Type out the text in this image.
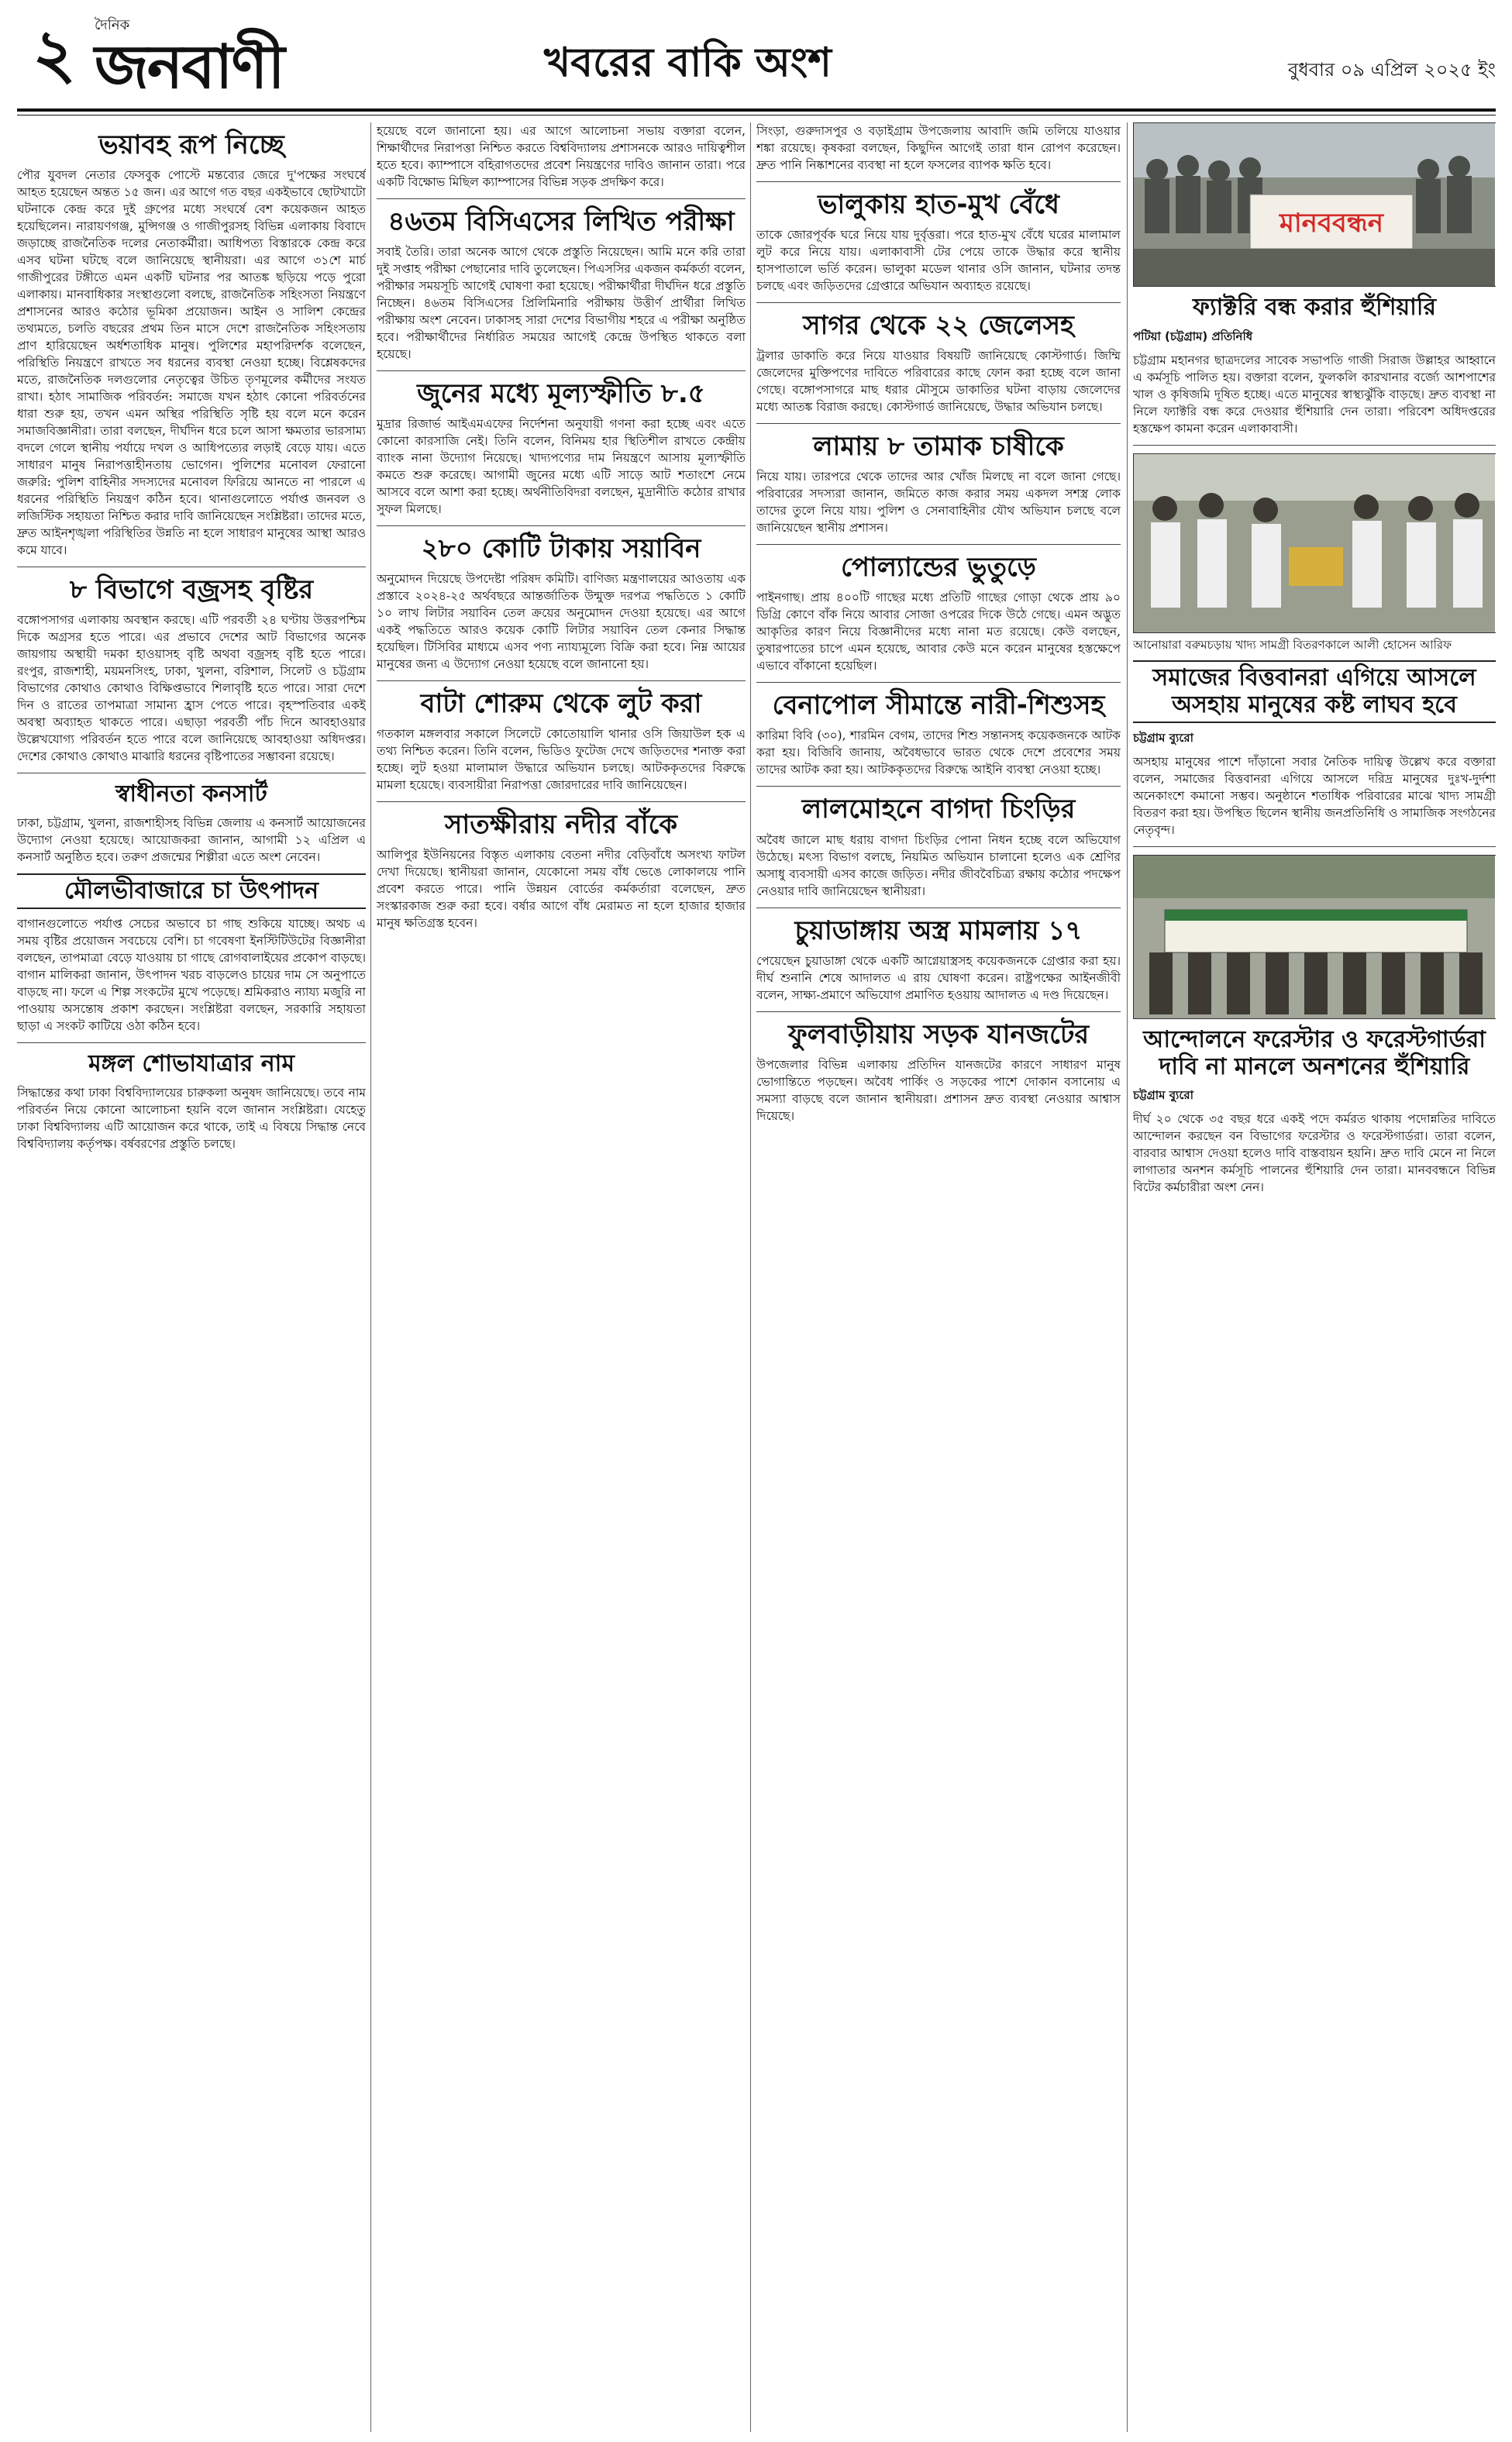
২	দৈনিক
জনবাণী	খবরের বাকি অংশ	বুধবার ০৯ এপ্রিল ২০২৫ ইং
ভয়াবহ রূপ নিচ্ছে

পৌর যুবদল নেতার ফেসবুক পোস্টে মন্তব্যের জেরে দু'পক্ষের সংঘর্ষে আহত হয়েছেন অন্তত ১৫ জন। এর আগে গত বছর একইভাবে ছোটখাটো ঘটনাকে কেন্দ্র করে দুই গ্রুপের মধ্যে সংঘর্ষে বেশ কয়েকজন আহত হয়েছিলেন। নারায়ণগঞ্জ, মুন্সিগঞ্জ ও গাজীপুরসহ বিভিন্ন এলাকায় বিবাদে জড়াচ্ছে রাজনৈতিক দলের নেতাকর্মীরা। আধিপত্য বিস্তারকে কেন্দ্র করে এসব ঘটনা ঘটছে বলে জানিয়েছে স্থানীয়রা। এর আগে ৩১শে মার্চ গাজীপুরের টঙ্গীতে এমন একটি ঘটনার পর আতঙ্ক ছড়িয়ে পড়ে পুরো এলাকায়। মানবাধিকার সংস্থাগুলো বলছে, রাজনৈতিক সহিংসতা নিয়ন্ত্রণে প্রশাসনের আরও কঠোর ভূমিকা প্রয়োজন। আইন ও সালিশ কেন্দ্রের তথ্যমতে, চলতি বছরের প্রথম তিন মাসে দেশে রাজনৈতিক সহিংসতায় প্রাণ হারিয়েছেন অর্ধশতাধিক মানুষ। পুলিশের মহাপরিদর্শক বলেছেন, পরিস্থিতি নিয়ন্ত্রণে রাখতে সব ধরনের ব্যবস্থা নেওয়া হচ্ছে। বিশ্লেষকদের মতে, রাজনৈতিক দলগুলোর নেতৃত্বের উচিত তৃণমূলের কর্মীদের সংযত রাখা। হঠাৎ সামাজিক পরিবর্তন: সমাজে যখন হঠাৎ কোনো পরিবর্তনের ধারা শুরু হয়, তখন এমন অস্থির পরিস্থিতি সৃষ্টি হয় বলে মনে করেন সমাজবিজ্ঞানীরা। তারা বলছেন, দীর্ঘদিন ধরে চলে আসা ক্ষমতার ভারসাম্য বদলে গেলে স্থানীয় পর্যায়ে দখল ও আধিপত্যের লড়াই বেড়ে যায়। এতে সাধারণ মানুষ নিরাপত্তাহীনতায় ভোগেন। পুলিশের মনোবল ফেরানো জরুরি: পুলিশ বাহিনীর সদস্যদের মনোবল ফিরিয়ে আনতে না পারলে এ ধরনের পরিস্থিতি নিয়ন্ত্রণ কঠিন হবে। থানাগুলোতে পর্যাপ্ত জনবল ও লজিস্টিক সহায়তা নিশ্চিত করার দাবি জানিয়েছেন সংশ্লিষ্টরা। তাদের মতে, দ্রুত আইনশৃঙ্খলা পরিস্থিতির উন্নতি না হলে সাধারণ মানুষের আস্থা আরও কমে যাবে।

৮ বিভাগে বজ্রসহ বৃষ্টির

বঙ্গোপসাগর এলাকায় অবস্থান করছে। এটি পরবর্তী ২৪ ঘণ্টায় উত্তরপশ্চিম দিকে অগ্রসর হতে পারে। এর প্রভাবে দেশের আট বিভাগের অনেক জায়গায় অস্থায়ী দমকা হাওয়াসহ বৃষ্টি অথবা বজ্রসহ বৃষ্টি হতে পারে। রংপুর, রাজশাহী, ময়মনসিংহ, ঢাকা, খুলনা, বরিশাল, সিলেট ও চট্টগ্রাম বিভাগের কোথাও কোথাও বিক্ষিপ্তভাবে শিলাবৃষ্টি হতে পারে। সারা দেশে দিন ও রাতের তাপমাত্রা সামান্য হ্রাস পেতে পারে। বৃহস্পতিবার একই অবস্থা অব্যাহত থাকতে পারে। এছাড়া পরবর্তী পাঁচ দিনে আবহাওয়ার উল্লেখযোগ্য পরিবর্তন হতে পারে বলে জানিয়েছে আবহাওয়া অধিদপ্তর। দেশের কোথাও কোথাও মাঝারি ধরনের বৃষ্টিপাতের সম্ভাবনা রয়েছে।

স্বাধীনতা কনসার্ট

ঢাকা, চট্টগ্রাম, খুলনা, রাজশাহীসহ বিভিন্ন জেলায় এ কনসার্ট আয়োজনের উদ্যোগ নেওয়া হয়েছে। আয়োজকরা জানান, আগামী ১২ এপ্রিল এ কনসার্ট অনুষ্ঠিত হবে। তরুণ প্রজন্মের শিল্পীরা এতে অংশ নেবেন।

মৌলভীবাজারে চা উৎপাদন

বাগানগুলোতে পর্যাপ্ত সেচের অভাবে চা গাছ শুকিয়ে যাচ্ছে। অথচ এ সময় বৃষ্টির প্রয়োজন সবচেয়ে বেশি। চা গবেষণা ইনস্টিটিউটের বিজ্ঞানীরা বলছেন, তাপমাত্রা বেড়ে যাওয়ায় চা গাছে রোগবালাইয়ের প্রকোপ বাড়ছে। বাগান মালিকরা জানান, উৎপাদন খরচ বাড়লেও চায়ের দাম সে অনুপাতে বাড়ছে না। ফলে এ শিল্প সংকটের মুখে পড়েছে। শ্রমিকরাও ন্যায্য মজুরি না পাওয়ায় অসন্তোষ প্রকাশ করছেন। সংশ্লিষ্টরা বলছেন, সরকারি সহায়তা ছাড়া এ সংকট কাটিয়ে ওঠা কঠিন হবে।

মঙ্গল শোভাযাত্রার নাম

সিদ্ধান্তের কথা ঢাকা বিশ্ববিদ্যালয়ের চারুকলা অনুষদ জানিয়েছে। তবে নাম পরিবর্তন নিয়ে কোনো আলোচনা হয়নি বলে জানান সংশ্লিষ্টরা। যেহেতু ঢাকা বিশ্ববিদ্যালয় এটি আয়োজন করে থাকে, তাই এ বিষয়ে সিদ্ধান্ত নেবে বিশ্ববিদ্যালয় কর্তৃপক্ষ। বর্ষবরণের প্রস্তুতি চলছে।

হয়েছে বলে জানানো হয়। এর আগে আলোচনা সভায় বক্তারা বলেন, শিক্ষার্থীদের নিরাপত্তা নিশ্চিত করতে বিশ্ববিদ্যালয় প্রশাসনকে আরও দায়িত্বশীল হতে হবে। ক্যাম্পাসে বহিরাগতদের প্রবেশ নিয়ন্ত্রণের দাবিও জানান তারা। পরে একটি বিক্ষোভ মিছিল ক্যাম্পাসের বিভিন্ন সড়ক প্রদক্ষিণ করে।

৪৬তম বিসিএসের লিখিত পরীক্ষা

সবাই তৈরি। তারা অনেক আগে থেকে প্রস্তুতি নিয়েছেন। আমি মনে করি তারা দুই সপ্তাহ পরীক্ষা পেছানোর দাবি তুলেছেন। পিএসসির একজন কর্মকর্তা বলেন, পরীক্ষার সময়সূচি আগেই ঘোষণা করা হয়েছে। পরীক্ষার্থীরা দীর্ঘদিন ধরে প্রস্তুতি নিচ্ছেন। ৪৬তম বিসিএসের প্রিলিমিনারি পরীক্ষায় উত্তীর্ণ প্রার্থীরা লিখিত পরীক্ষায় অংশ নেবেন। ঢাকাসহ সারা দেশের বিভাগীয় শহরে এ পরীক্ষা অনুষ্ঠিত হবে। পরীক্ষার্থীদের নির্ধারিত সময়ের আগেই কেন্দ্রে উপস্থিত থাকতে বলা হয়েছে।

জুনের মধ্যে মূল্যস্ফীতি ৮.৫

মুদ্রার রিজার্ভ আইএমএফের নির্দেশনা অনুযায়ী গণনা করা হচ্ছে এবং এতে কোনো কারসাজি নেই। তিনি বলেন, বিনিময় হার স্থিতিশীল রাখতে কেন্দ্রীয় ব্যাংক নানা উদ্যোগ নিয়েছে। খাদ্যপণ্যের দাম নিয়ন্ত্রণে আসায় মূল্যস্ফীতি কমতে শুরু করেছে। আগামী জুনের মধ্যে এটি সাড়ে আট শতাংশে নেমে আসবে বলে আশা করা হচ্ছে। অর্থনীতিবিদরা বলছেন, মুদ্রানীতি কঠোর রাখার সুফল মিলছে।

২৮০ কোটি টাকায় সয়াবিন

অনুমোদন দিয়েছে উপদেষ্টা পরিষদ কমিটি। বাণিজ্য মন্ত্রণালয়ের আওতায় এক প্রস্তাবে ২০২৪-২৫ অর্থবছরে আন্তর্জাতিক উন্মুক্ত দরপত্র পদ্ধতিতে ১ কোটি ১০ লাখ লিটার সয়াবিন তেল ক্রয়ের অনুমোদন দেওয়া হয়েছে। এর আগে একই পদ্ধতিতে আরও কয়েক কোটি লিটার সয়াবিন তেল কেনার সিদ্ধান্ত হয়েছিল। টিসিবির মাধ্যমে এসব পণ্য ন্যায্যমূল্যে বিক্রি করা হবে। নিম্ন আয়ের মানুষের জন্য এ উদ্যোগ নেওয়া হয়েছে বলে জানানো হয়।

বাটা শোরুম থেকে লুট করা

গতকাল মঙ্গলবার সকালে সিলেটে কোতোয়ালি থানার ওসি জিয়াউল হক এ তথ্য নিশ্চিত করেন। তিনি বলেন, ভিডিও ফুটেজ দেখে জড়িতদের শনাক্ত করা হচ্ছে। লুট হওয়া মালামাল উদ্ধারে অভিযান চলছে। আটককৃতদের বিরুদ্ধে মামলা হয়েছে। ব্যবসায়ীরা নিরাপত্তা জোরদারের দাবি জানিয়েছেন।

সাতক্ষীরায় নদীর বাঁকে

আলিপুর ইউনিয়নের বিস্তৃত এলাকায় বেতনা নদীর বেড়িবাঁধে অসংখ্য ফাটল দেখা দিয়েছে। স্থানীয়রা জানান, যেকোনো সময় বাঁধ ভেঙে লোকালয়ে পানি প্রবেশ করতে পারে। পানি উন্নয়ন বোর্ডের কর্মকর্তারা বলেছেন, দ্রুত সংস্কারকাজ শুরু করা হবে। বর্ষার আগে বাঁধ মেরামত না হলে হাজার হাজার মানুষ ক্ষতিগ্রস্ত হবেন।

সিংড়া, গুরুদাসপুর ও বড়াইগ্রাম উপজেলায় আবাদি জমি তলিয়ে যাওয়ার শঙ্কা রয়েছে। কৃষকরা বলছেন, কিছুদিন আগেই তারা ধান রোপণ করেছেন। দ্রুত পানি নিষ্কাশনের ব্যবস্থা না হলে ফসলের ব্যাপক ক্ষতি হবে।

ভালুকায় হাত-মুখ বেঁধে

তাকে জোরপূর্বক ঘরে নিয়ে যায় দুর্বৃত্তরা। পরে হাত-মুখ বেঁধে ঘরের মালামাল লুট করে নিয়ে যায়। এলাকাবাসী টের পেয়ে তাকে উদ্ধার করে স্থানীয় হাসপাতালে ভর্তি করেন। ভালুকা মডেল থানার ওসি জানান, ঘটনার তদন্ত চলছে এবং জড়িতদের গ্রেপ্তারে অভিযান অব্যাহত রয়েছে।

সাগর থেকে ২২ জেলেসহ

ট্রলার ডাকাতি করে নিয়ে যাওয়ার বিষয়টি জানিয়েছে কোস্টগার্ড। জিম্মি জেলেদের মুক্তিপণের দাবিতে পরিবারের কাছে ফোন করা হচ্ছে বলে জানা গেছে। বঙ্গোপসাগরে মাছ ধরার মৌসুমে ডাকাতির ঘটনা বাড়ায় জেলেদের মধ্যে আতঙ্ক বিরাজ করছে। কোস্টগার্ড জানিয়েছে, উদ্ধার অভিযান চলছে।

লামায় ৮ তামাক চাষীকে

নিয়ে যায়। তারপরে থেকে তাদের আর খোঁজ মিলছে না বলে জানা গেছে। পরিবারের সদস্যরা জানান, জমিতে কাজ করার সময় একদল সশস্ত্র লোক তাদের তুলে নিয়ে যায়। পুলিশ ও সেনাবাহিনীর যৌথ অভিযান চলছে বলে জানিয়েছেন স্থানীয় প্রশাসন।

পোল্যান্ডের ভুতুড়ে

পাইনগাছ। প্রায় ৪০০টি গাছের মধ্যে প্রতিটি গাছের গোড়া থেকে প্রায় ৯০ ডিগ্রি কোণে বাঁক নিয়ে আবার সোজা ওপরের দিকে উঠে গেছে। এমন অদ্ভুত আকৃতির কারণ নিয়ে বিজ্ঞানীদের মধ্যে নানা মত রয়েছে। কেউ বলছেন, তুষারপাতের চাপে এমন হয়েছে, আবার কেউ মনে করেন মানুষের হস্তক্ষেপে এভাবে বাঁকানো হয়েছিল।

বেনাপোল সীমান্তে নারী-শিশুসহ

কারিমা বিবি (৩০), শারমিন বেগম, তাদের শিশু সন্তানসহ কয়েকজনকে আটক করা হয়। বিজিবি জানায়, অবৈধভাবে ভারত থেকে দেশে প্রবেশের সময় তাদের আটক করা হয়। আটককৃতদের বিরুদ্ধে আইনি ব্যবস্থা নেওয়া হচ্ছে।

লালমোহনে বাগদা চিংড়ির

অবৈধ জালে মাছ ধরায় বাগদা চিংড়ির পোনা নিধন হচ্ছে বলে অভিযোগ উঠেছে। মৎস্য বিভাগ বলছে, নিয়মিত অভিযান চালানো হলেও এক শ্রেণির অসাধু ব্যবসায়ী এসব কাজে জড়িত। নদীর জীববৈচিত্র্য রক্ষায় কঠোর পদক্ষেপ নেওয়ার দাবি জানিয়েছেন স্থানীয়রা।

চুয়াডাঙ্গায় অস্ত্র মামলায় ১৭

পেয়েছেন চুয়াডাঙ্গা থেকে একটি আগ্নেয়াস্ত্রসহ কয়েকজনকে গ্রেপ্তার করা হয়। দীর্ঘ শুনানি শেষে আদালত এ রায় ঘোষণা করেন। রাষ্ট্রপক্ষের আইনজীবী বলেন, সাক্ষ্য-প্রমাণে অভিযোগ প্রমাণিত হওয়ায় আদালত এ দণ্ড দিয়েছেন।

ফুলবাড়ীয়ায় সড়ক যানজটের

উপজেলার বিভিন্ন এলাকায় প্রতিদিন যানজটের কারণে সাধারণ মানুষ ভোগান্তিতে পড়ছেন। অবৈধ পার্কিং ও সড়কের পাশে দোকান বসানোয় এ সমস্যা বাড়ছে বলে জানান স্থানীয়রা। প্রশাসন দ্রুত ব্যবস্থা নেওয়ার আশ্বাস দিয়েছে।

মানববন্ধন
ফ্যাক্টরি বন্ধ করার হুঁশিয়ারি
পটিয়া (চট্টগ্রাম) প্রতিনিধি

চট্টগ্রাম মহানগর ছাত্রদলের সাবেক সভাপতি গাজী সিরাজ উল্লাহর আহ্বানে এ কর্মসূচি পালিত হয়। বক্তারা বলেন, ফুলকলি কারখানার বর্জ্যে আশপাশের খাল ও কৃষিজমি দূষিত হচ্ছে। এতে মানুষের স্বাস্থ্যঝুঁকি বাড়ছে। দ্রুত ব্যবস্থা না নিলে ফ্যাক্টরি বন্ধ করে দেওয়ার হুঁশিয়ারি দেন তারা। পরিবেশ অধিদপ্তরের হস্তক্ষেপ কামনা করেন এলাকাবাসী।

আনোয়ারা বরুমচড়ায় খাদ্য সামগ্রী বিতরণকালে আলী হোসেন আরিফ
সমাজের বিত্তবানরা এগিয়ে আসলে অসহায় মানুষের কষ্ট লাঘব হবে
চট্টগ্রাম ব্যুরো

অসহায় মানুষের পাশে দাঁড়ানো সবার নৈতিক দায়িত্ব উল্লেখ করে বক্তারা বলেন, সমাজের বিত্তবানরা এগিয়ে আসলে দরিদ্র মানুষের দুঃখ-দুর্দশা অনেকাংশে কমানো সম্ভব। অনুষ্ঠানে শতাধিক পরিবারের মাঝে খাদ্য সামগ্রী বিতরণ করা হয়। উপস্থিত ছিলেন স্থানীয় জনপ্রতিনিধি ও সামাজিক সংগঠনের নেতৃবৃন্দ।

আন্দোলনে ফরেস্টার ও ফরেস্টগার্ডরা দাবি না মানলে অনশনের হুঁশিয়ারি
চট্টগ্রাম ব্যুরো

দীর্ঘ ২০ থেকে ৩৫ বছর ধরে একই পদে কর্মরত থাকায় পদোন্নতির দাবিতে আন্দোলন করছেন বন বিভাগের ফরেস্টার ও ফরেস্টগার্ডরা। তারা বলেন, বারবার আশ্বাস দেওয়া হলেও দাবি বাস্তবায়ন হয়নি। দ্রুত দাবি মেনে না নিলে লাগাতার অনশন কর্মসূচি পালনের হুঁশিয়ারি দেন তারা। মানববন্ধনে বিভিন্ন বিটের কর্মচারীরা অংশ নেন।
